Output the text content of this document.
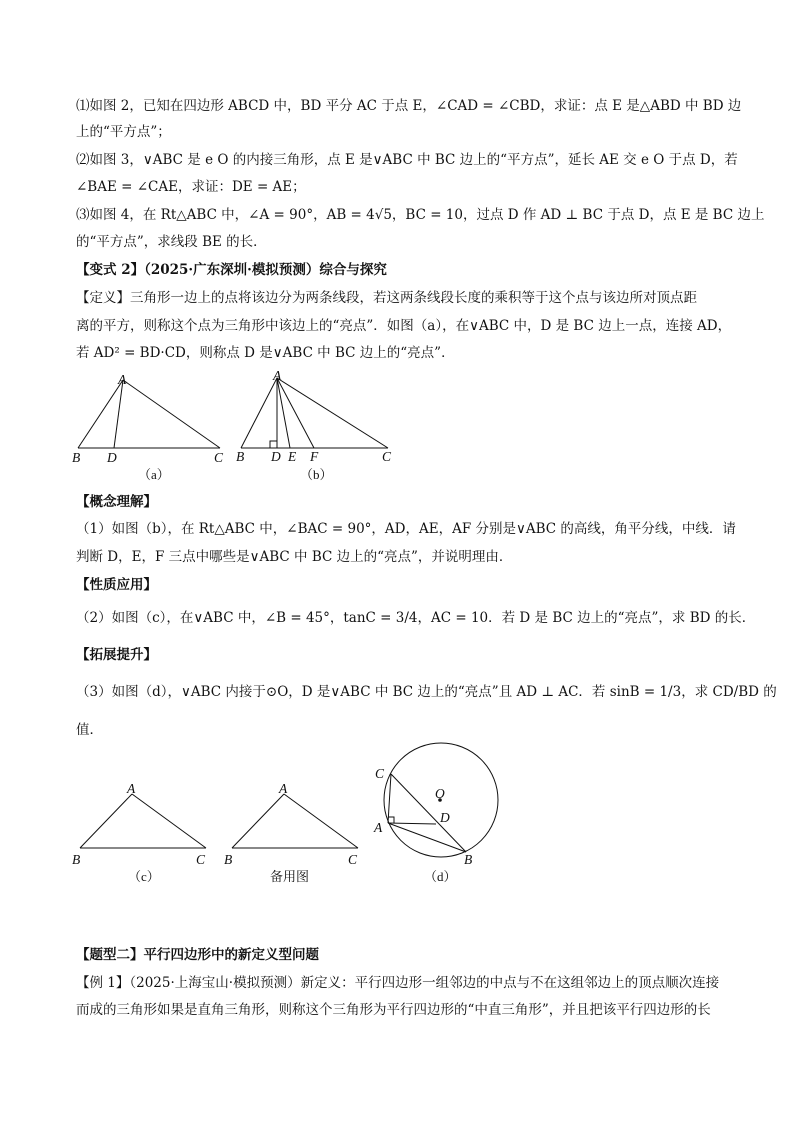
⑴如图 2，已知在四边形 ABCD 中，BD 平分 AC 于点 E，∠CAD = ∠CBD，求证：点 E 是△ABD 中 BD 边
上的“平方点”；
⑵如图 3，∨ABC 是 e O 的内接三角形，点 E 是∨ABC 中 BC 边上的“平方点”，延长 AE 交 e O 于点 D，若
∠BAE = ∠CAE，求证：DE = AE；
⑶如图 4，在 Rt△ABC 中，∠A = 90°，AB = 4√5，BC = 10，过点 D 作 AD ⊥ BC 于点 D，点 E 是 BC 边上
的“平方点”，求线段 BE 的长．
【变式 2】（2025·广东深圳·模拟预测）综合与探究
【定义】三角形一边上的点将该边分为两条线段，若这两条线段长度的乘积等于这个点与该边所对顶点距
离的平方，则称这个点为三角形中该边上的“亮点”．如图（a），在∨ABC 中，D 是 BC 边上一点，连接 AD，
若 AD² = BD·CD，则称点 D 是∨ABC 中 BC 边上的“亮点”．
A
B D	C
（a）
A
B D E F	C
（b）
【概念理解】
（1）如图（b），在 Rt△ABC 中，∠BAC = 90°，AD，AE，AF 分别是∨ABC 的高线，角平分线，中线．请
判断 D，E，F 三点中哪些是∨ABC 中 BC 边上的“亮点”，并说明理由．
【性质应用】
（2）如图（c），在∨ABC 中，∠B = 45°，tanC = 3/4，AC = 10．若 D 是 BC 边上的“亮点”，求 BD 的长．
【拓展提升】
（3）如图（d），∨ABC 内接于⊙O，D 是∨ABC 中 BC 边上的“亮点”且 AD ⊥ AC．若 sinB = 1/3，求 CD/BD 的
值．
A
B	C
（c）
A
B	C
备用图
C
O
D
A
B
（d）
【题型二】平行四边形中的新定义型问题
【例 1】（2025·上海宝山·模拟预测）新定义：平行四边形一组邻边的中点与不在这组邻边上的顶点顺次连接
而成的三角形如果是直角三角形，则称这个三角形为平行四边形的“中直三角形”，并且把该平行四边形的长
